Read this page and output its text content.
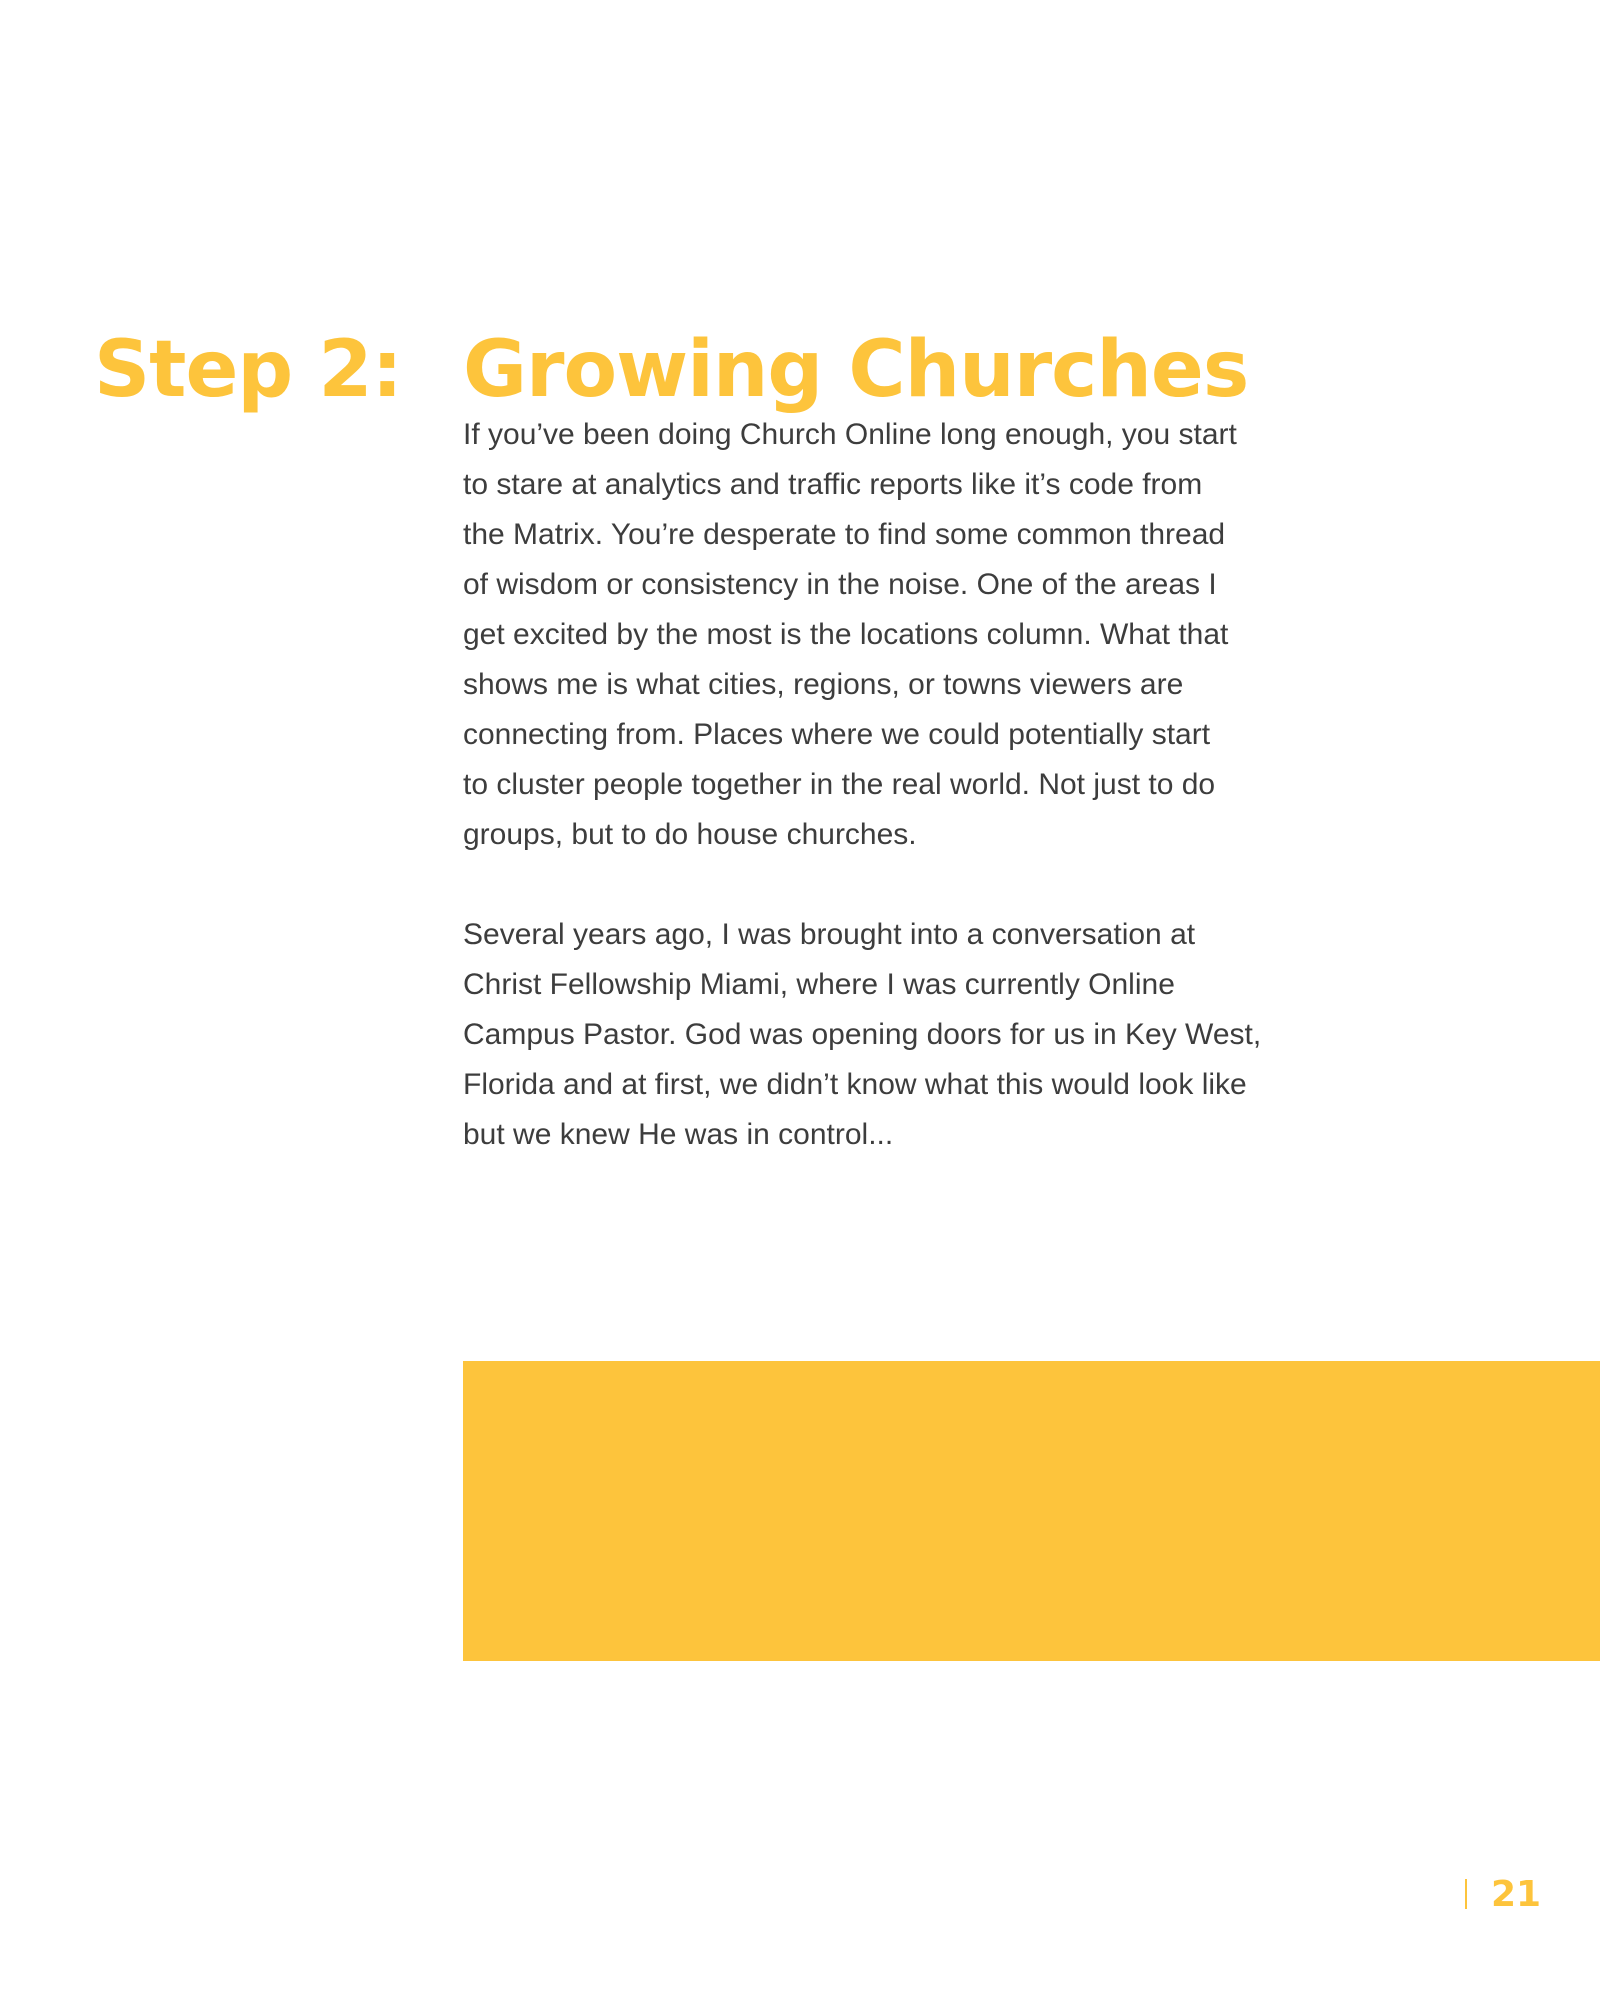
Step 2: Growing Churches

If you’ve been doing Church Online long enough, you start
to stare at analytics and traffic reports like it’s code from
the Matrix. You’re desperate to find some common thread
of wisdom or consistency in the noise. One of the areas I
get excited by the most is the locations column. What that
shows me is what cities, regions, or towns viewers are
connecting from. Places where we could potentially start
to cluster people together in the real world. Not just to do
groups, but to do house churches.

Several years ago, I was brought into a conversation at
Christ Fellowship Miami, where I was currently Online
Campus Pastor. God was opening doors for us in Key West,
Florida and at first, we didn’t know what this would look like
but we knew He was in control...

21
